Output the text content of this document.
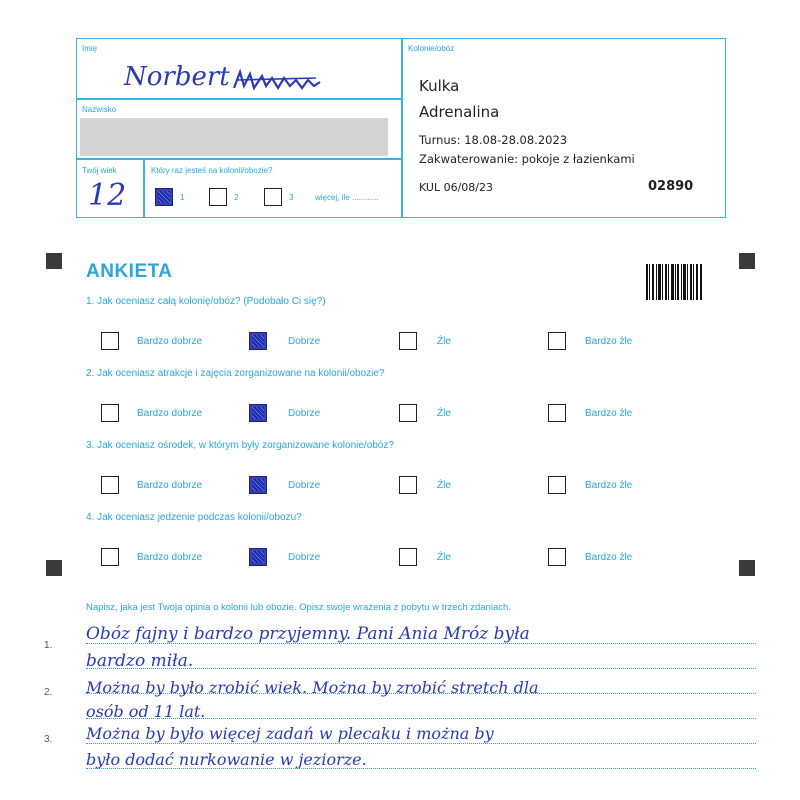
Imię
Norbert
Nazwisko
Twój wiek
12
Który raz jesteś na kolonii/obozie?
1	2	3	więcej, ile ............
Kolonie/obóz
Kulka
Adrenalina
Turnus: 18.08-28.08.2023
Zakwaterowanie: pokoje z łazienkami
KUL 06/08/23	02890
ANKIETA
1. Jak oceniasz całą kolonię/obóz? (Podobało Ci się?)
Bardzo dobrze	Dobrze	Źle	Bardzo źle
2. Jak oceniasz atrakcje i zajęcia zorganizowane na kolonii/obozie?
Bardzo dobrze	Dobrze	Źle	Bardzo źle
3. Jak oceniasz ośrodek, w którym były zorganizowane kolonie/obóz?
Bardzo dobrze	Dobrze	Źle	Bardzo źle
4. Jak oceniasz jedzenie podczas kolonii/obozu?
Bardzo dobrze	Dobrze	Źle	Bardzo źle
Napisz, jaka jest Twoja opinia o kolonii lub obozie. Opisz swoje wrażenia z pobytu w trzech zdaniach.
1.
2.
3.
Obóz fajny i bardzo przyjemny. Pani Ania Mróz była
bardzo miła.
Można by było zrobić wiek. Można by zrobić stretch dla
osób od 11 lat.
Można by było więcej zadań w plecaku i można by
było dodać nurkowanie w jeziorze.
